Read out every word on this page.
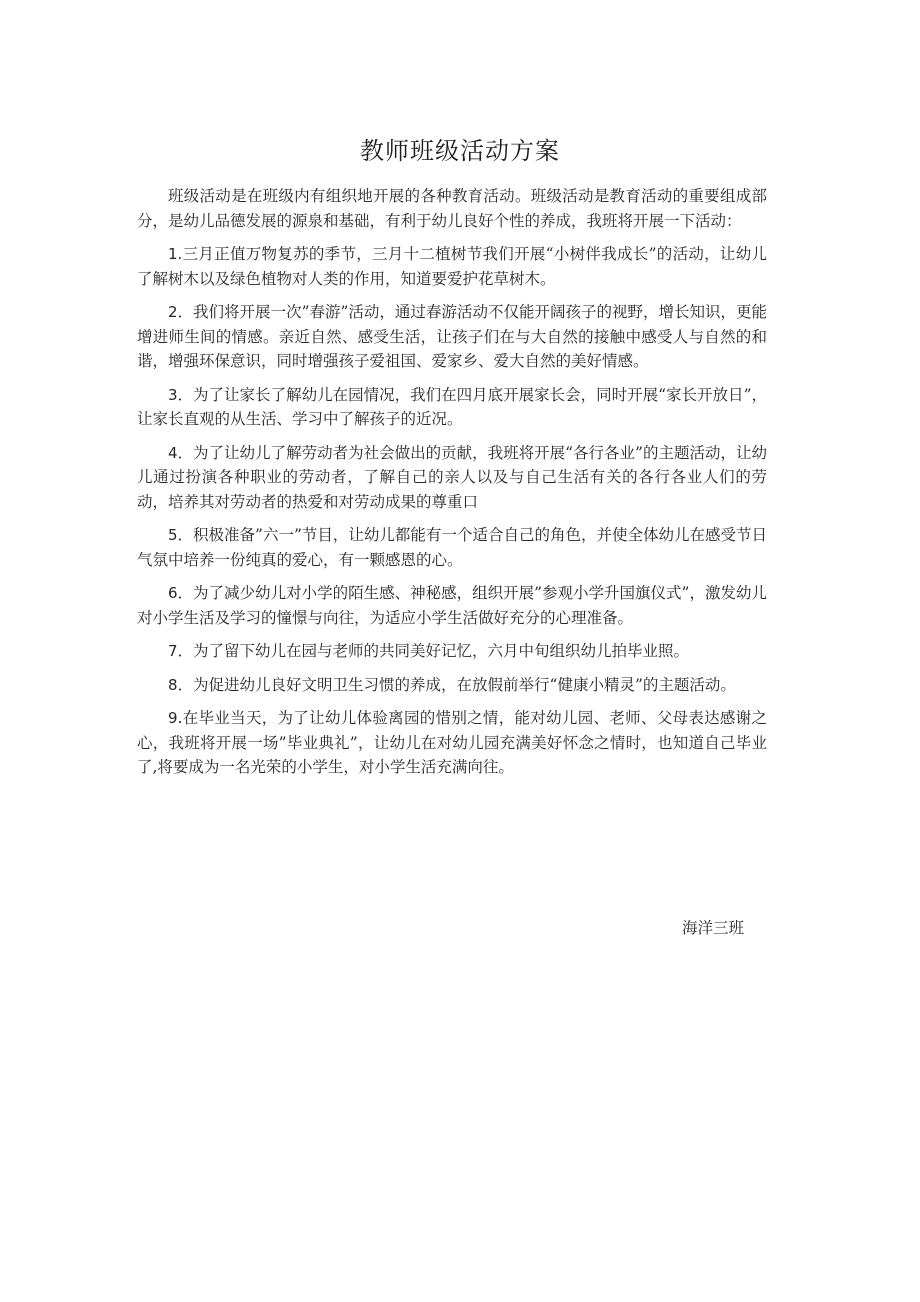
教师班级活动方案

班级活动是在班级内有组织地开展的各种教育活动。班级活动是教育活动的重要组成部分，是幼儿品德发展的源泉和基础，有利于幼儿良好个性的养成，我班将开展一下活动：

1.三月正值万物复苏的季节，三月十二植树节我们开展“小树伴我成长”的活动，让幼儿了解树木以及绿色植物对人类的作用，知道要爱护花草树木。

2．我们将开展一次”春游”活动，通过春游活动不仅能开阔孩子的视野，增长知识，更能增进师生间的情感。亲近自然、感受生活，让孩子们在与大自然的接触中感受人与自然的和谐，增强环保意识，同时增强孩子爱祖国、爱家乡、爱大自然的美好情感。

3．为了让家长了解幼儿在园情况，我们在四月底开展家长会，同时开展“家长开放日”，让家长直观的从生活、学习中了解孩子的近况。

4．为了让幼儿了解劳动者为社会做出的贡献，我班将开展“各行各业”的主题活动，让幼儿通过扮演各种职业的劳动者，了解自己的亲人以及与自己生活有关的各行各业人们的劳动，培养其对劳动者的热爱和对劳动成果的尊重口

5．积极准备”六一”节目，让幼儿都能有一个适合自己的角色，并使全体幼儿在感受节日气氛中培养一份纯真的爱心，有一颗感恩的心。

6．为了减少幼儿对小学的陌生感、神秘感，组织开展”参观小学升国旗仪式”，激发幼儿对小学生活及学习的憧憬与向往，为适应小学生活做好充分的心理准备。

7．为了留下幼儿在园与老师的共同美好记忆，六月中旬组织幼儿拍毕业照。

8．为促进幼儿良好文明卫生习惯的养成，在放假前举行“健康小精灵”的主题活动。

9.在毕业当天，为了让幼儿体验离园的惜别之情，能对幼儿园、老师、父母表达感谢之心，我班将开展一场”毕业典礼”，让幼儿在对幼儿园充满美好怀念之情时，也知道自己毕业了,将要成为一名光荣的小学生，对小学生活充满向往。

海洋三班
